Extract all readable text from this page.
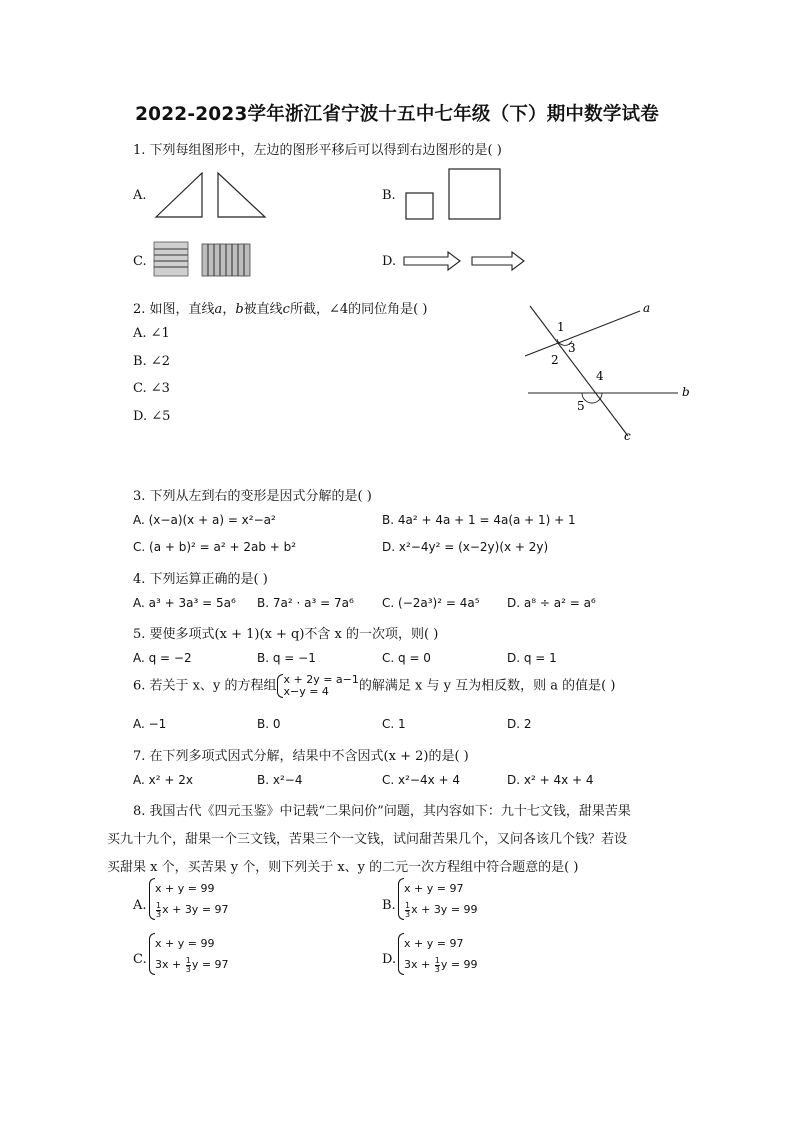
2022-2023学年浙江省宁波十五中七年级（下）期中数学试卷
1. 下列每组图形中，左边的图形平移后可以得到右边图形的是( )
A.	B.
C.	D.
2. 如图，直线a，b被直线c所截，∠4的同位角是( )
A. ∠1
B. ∠2
C. ∠3
D. ∠5
a
b
c
1
2
3
4
5
3. 下列从左到右的变形是因式分解的是( )
A. (x−a)(x + a) = x²−a²	B. 4a² + 4a + 1 = 4a(a + 1) + 1
C. (a + b)² = a² + 2ab + b²	D. x²−4y² = (x−2y)(x + 2y)
4. 下列运算正确的是( )
A. a³ + 3a³ = 5a⁶ B. 7a² · a³ = 7a⁶ C. (−2a³)² = 4a⁵ D. a⁸ ÷ a² = a⁶
5. 要使多项式(x + 1)(x + q)不含 x 的一次项，则( )
A. q = −2	B. q = −1	C. q = 0	D. q = 1
6. 若关于 x、y 的方程组 x + 2y = a−1
x−y = 4	的解满足 x 与 y 互为相反数，则 a 的值是( )
A. −1	B. 0	C. 1	D. 2
7. 在下列多项式因式分解，结果中不含因式(x + 2)的是( )
A. x² + 2x	B. x²−4	C. x²−4x + 4	D. x² + 4x + 4
8. 我国古代《四元玉鉴》中记载“二果问价”问题，其内容如下：九十七文钱，甜果苦果
买九十九个，甜果一个三文钱，苦果三个一文钱，试问甜苦果几个，又问各该几个钱？若设
买甜果 x 个，买苦果 y 个，则下列关于 x、y 的二元一次方程组中符合题意的是( )
A.
x + y = 99
$\frac{1}{3}$ x + 3y = 97	B.
x + y = 97
$\frac{1}{3}$ x + 3y = 99
C.
x + y = 99
$3x + \frac{1}{3}$ y = 97	D.
x + y = 97
$3x + \frac{1}{3}$ y = 99
